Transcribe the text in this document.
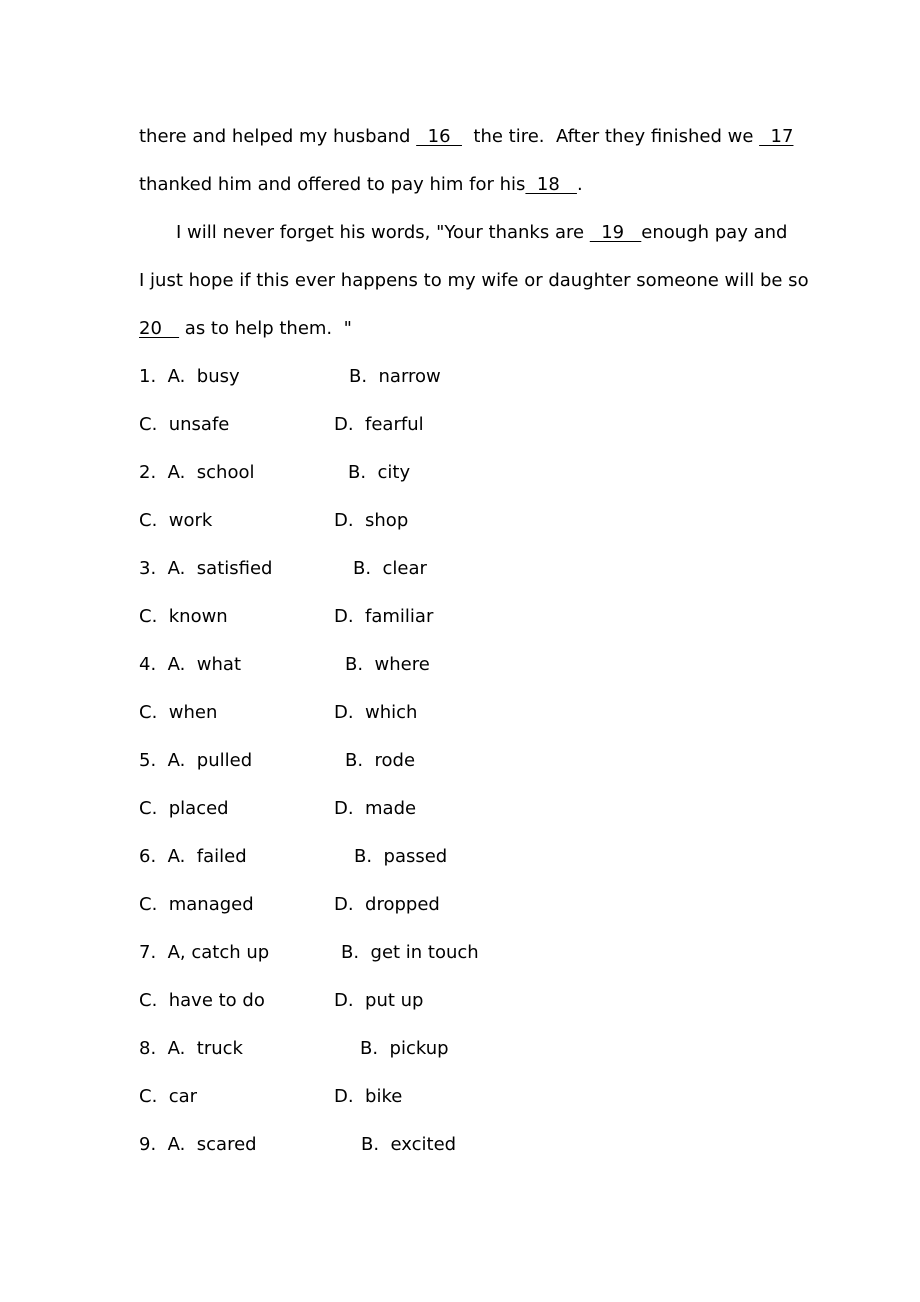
there and helped my husband   16    the tire.  After they finished we   17
thanked him and offered to pay him for his  18   .
I will never forget his words, "Your thanks are   19   enough pay and
I just hope if this ever happens to my wife or daughter someone will be so
20    as to help them.  "
1.  A.  busy	B.  narrow
C.  unsafe	D.  fearful
2.  A.  school	B.  city
C.  work	D.  shop
3.  A.  satisfied	B.  clear
C.  known	D.  familiar
4.  A.  what	B.  where
C.  when	D.  which
5.  A.  pulled	B.  rode
C.  placed	D.  made
6.  A.  failed	B.  passed
C.  managed	D.  dropped
7.  A, catch up	B.  get in touch
C.  have to do	D.  put up
8.  A.  truck	B.  pickup
C.  car	D.  bike
9.  A.  scared	B.  excited
